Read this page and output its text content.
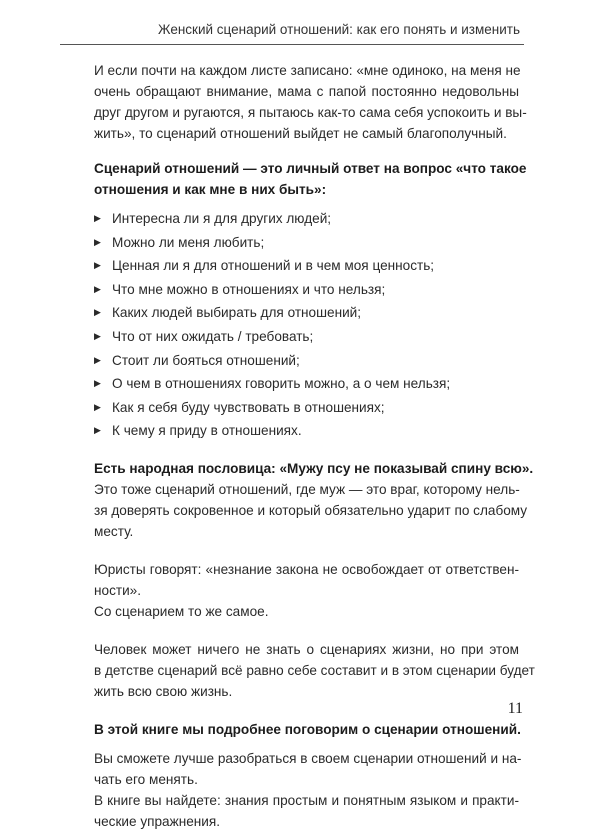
Женский сценарий отношений: как его понять и изменить

И если почти на каждом листе записано: «мне одиноко, на меня не
очень обращают внимание, мама с папой постоянно недовольны
друг другом и ругаются, я пытаюсь как-то сама себя успокоить и вы-
жить», то сценарий отношений выйдет не самый благополучный.

Сценарий отношений — это личный ответ на вопрос «что такое
отношения и как мне в них быть»:

▶ Интересна ли я для других людей;
▶ Можно ли меня любить;
▶ Ценная ли я для отношений и в чем моя ценность;
▶ Что мне можно в отношениях и что нельзя;
▶ Каких людей выбирать для отношений;
▶ Что от них ожидать / требовать;
▶ Стоит ли бояться отношений;
▶ О чем в отношениях говорить можно, а о чем нельзя;
▶ Как я себя буду чувствовать в отношениях;
▶ К чему я приду в отношениях.

Есть народная пословица: «Мужу псу не показывай спину всю».

Это тоже сценарий отношений, где муж — это враг, которому нель-
зя доверять сокровенное и который обязательно ударит по слабому
месту.

Юристы говорят: «незнание закона не освобождает от ответствен-
ности».

Со сценарием то же самое.

Человек может ничего не знать о сценариях жизни, но при этом
в детстве сценарий всё равно себе составит и в этом сценарии будет
жить всю свою жизнь.

В этой книге мы подробнее поговорим о сценарии отношений.

Вы сможете лучше разобраться в своем сценарии отношений и на-
чать его менять.

В книге вы найдете: знания простым и понятным языком и практи-
ческие упражнения.

11
